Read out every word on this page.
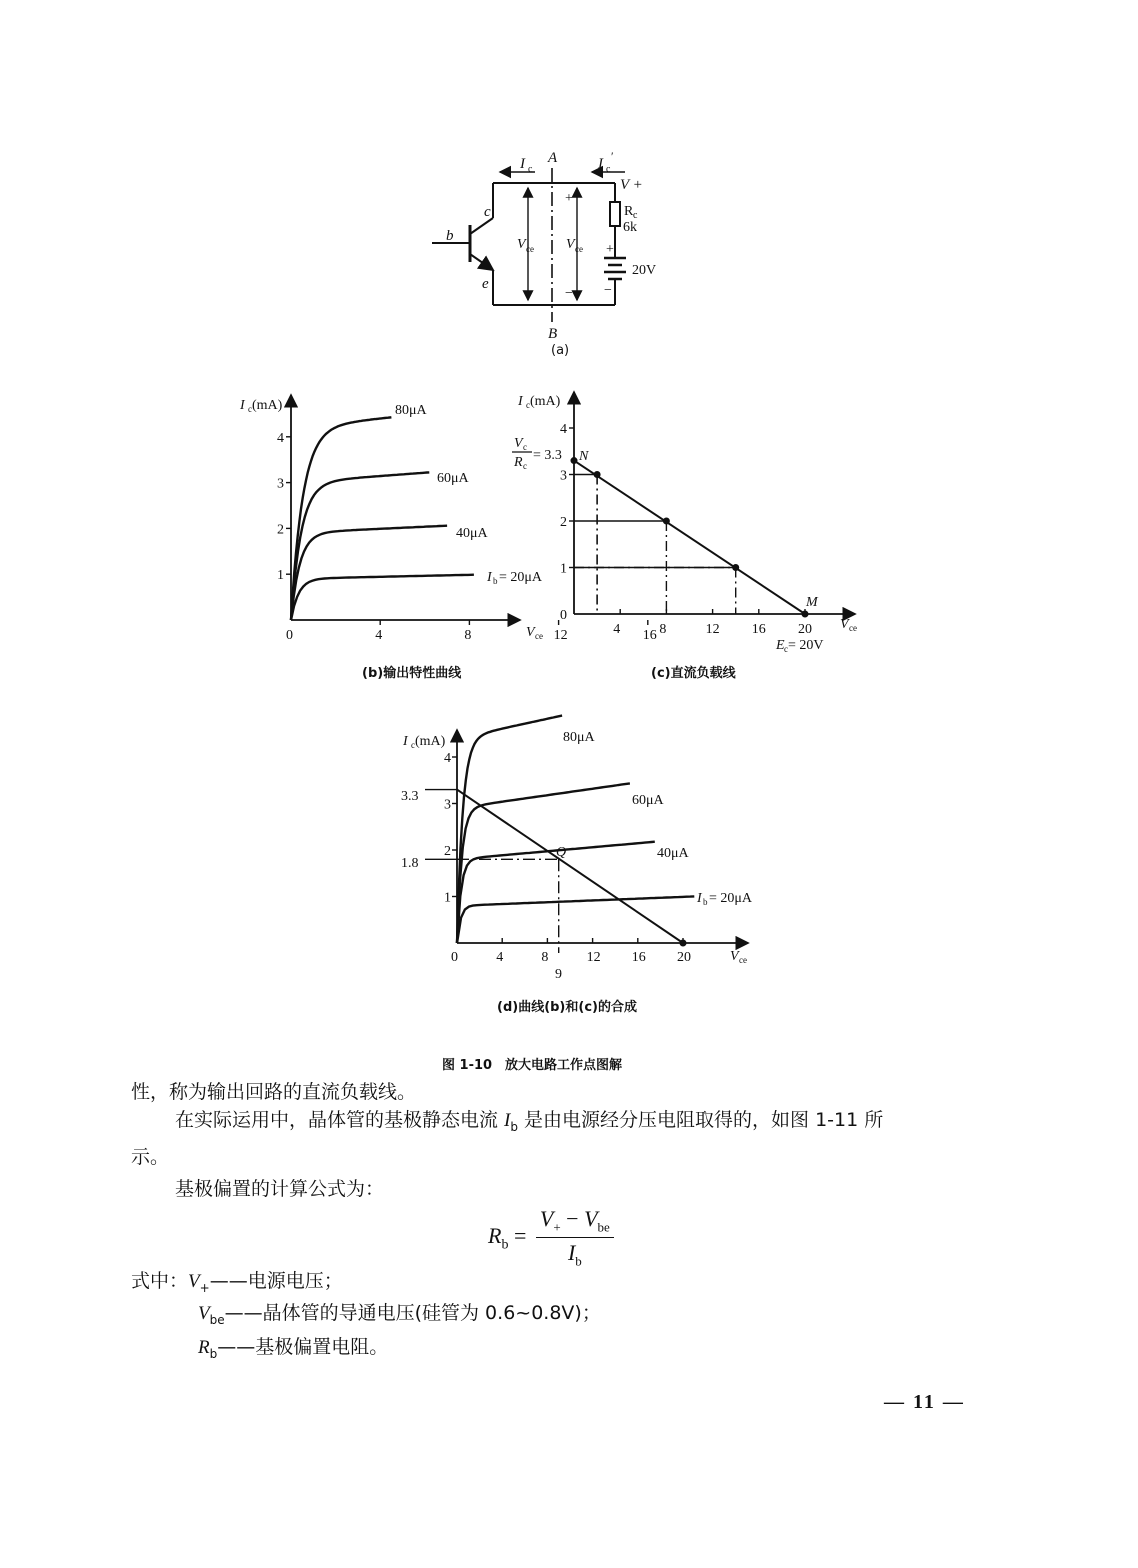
I c	I c
′
A
B
V +
R c
6k
20V
+
−
b
c
e
V ce V ce
+
−
I c (mA)
V ce
1
2
3
4
0	4	8	12	16
80μA
60μA
40μA
I b = 20μA
I c (mA)
V ce
0
1
2
3
4
4	8	12 16 20
V c
R c
= 3.3 N
M
E c = 20V
I c (mA)
V ce
1
2
3
4
0	4	8	12 16 20
3.3
1.8
9
Q
80μA
60μA
40μA
I b = 20μA
(a)
(b)输出特性曲线	(c)直流负载线
(d)曲线(b)和(c)的合成
图 1-10　放大电路工作点图解
性，称为输出回路的直流负载线。
在实际运用中，晶体管的基极静态电流 $I_b$ 是由电源经分压电阻取得的，如图 1-11 所
示。
基极偏置的计算公式为：
$R_b = \frac{V_+ - V_{be}}{I_b}$
式中：$V_+——$电源电压；
$V_{be}——$晶体管的导通电压(硅管为 0.6~0.8V)；
$R_b——$基极偏置电阻。
— 11 —
